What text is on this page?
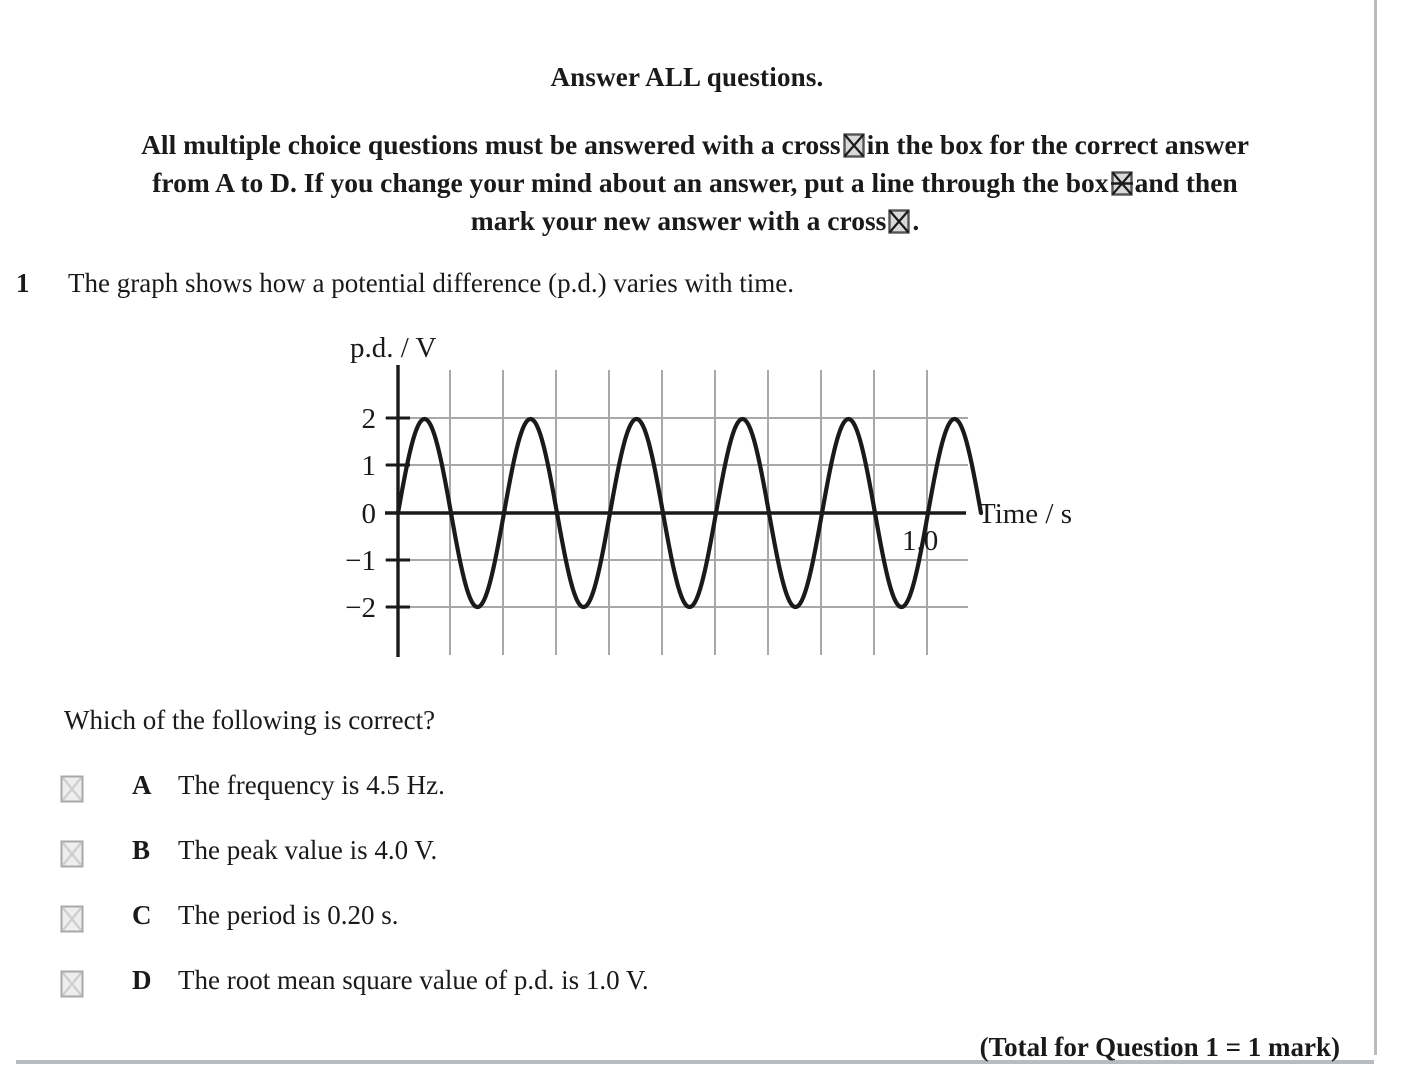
Answer ALL questions.
All multiple choice questions must be answered with a cross ☒ in the box for the correct answer
from A to D. If you change your mind about an answer, put a line through the box and then
mark your new answer with a cross ☒ .
1 The graph shows how a potential difference (p.d.) varies with time.
2
1
0
−1
−2
p.d. / V
Time / s
1.0
Which of the following is correct?
A The frequency is 4.5 Hz.
B The peak value is 4.0 V.
C The period is 0.20 s.
D The root mean square value of p.d. is 1.0 V.
(Total for Question 1 = 1 mark)
